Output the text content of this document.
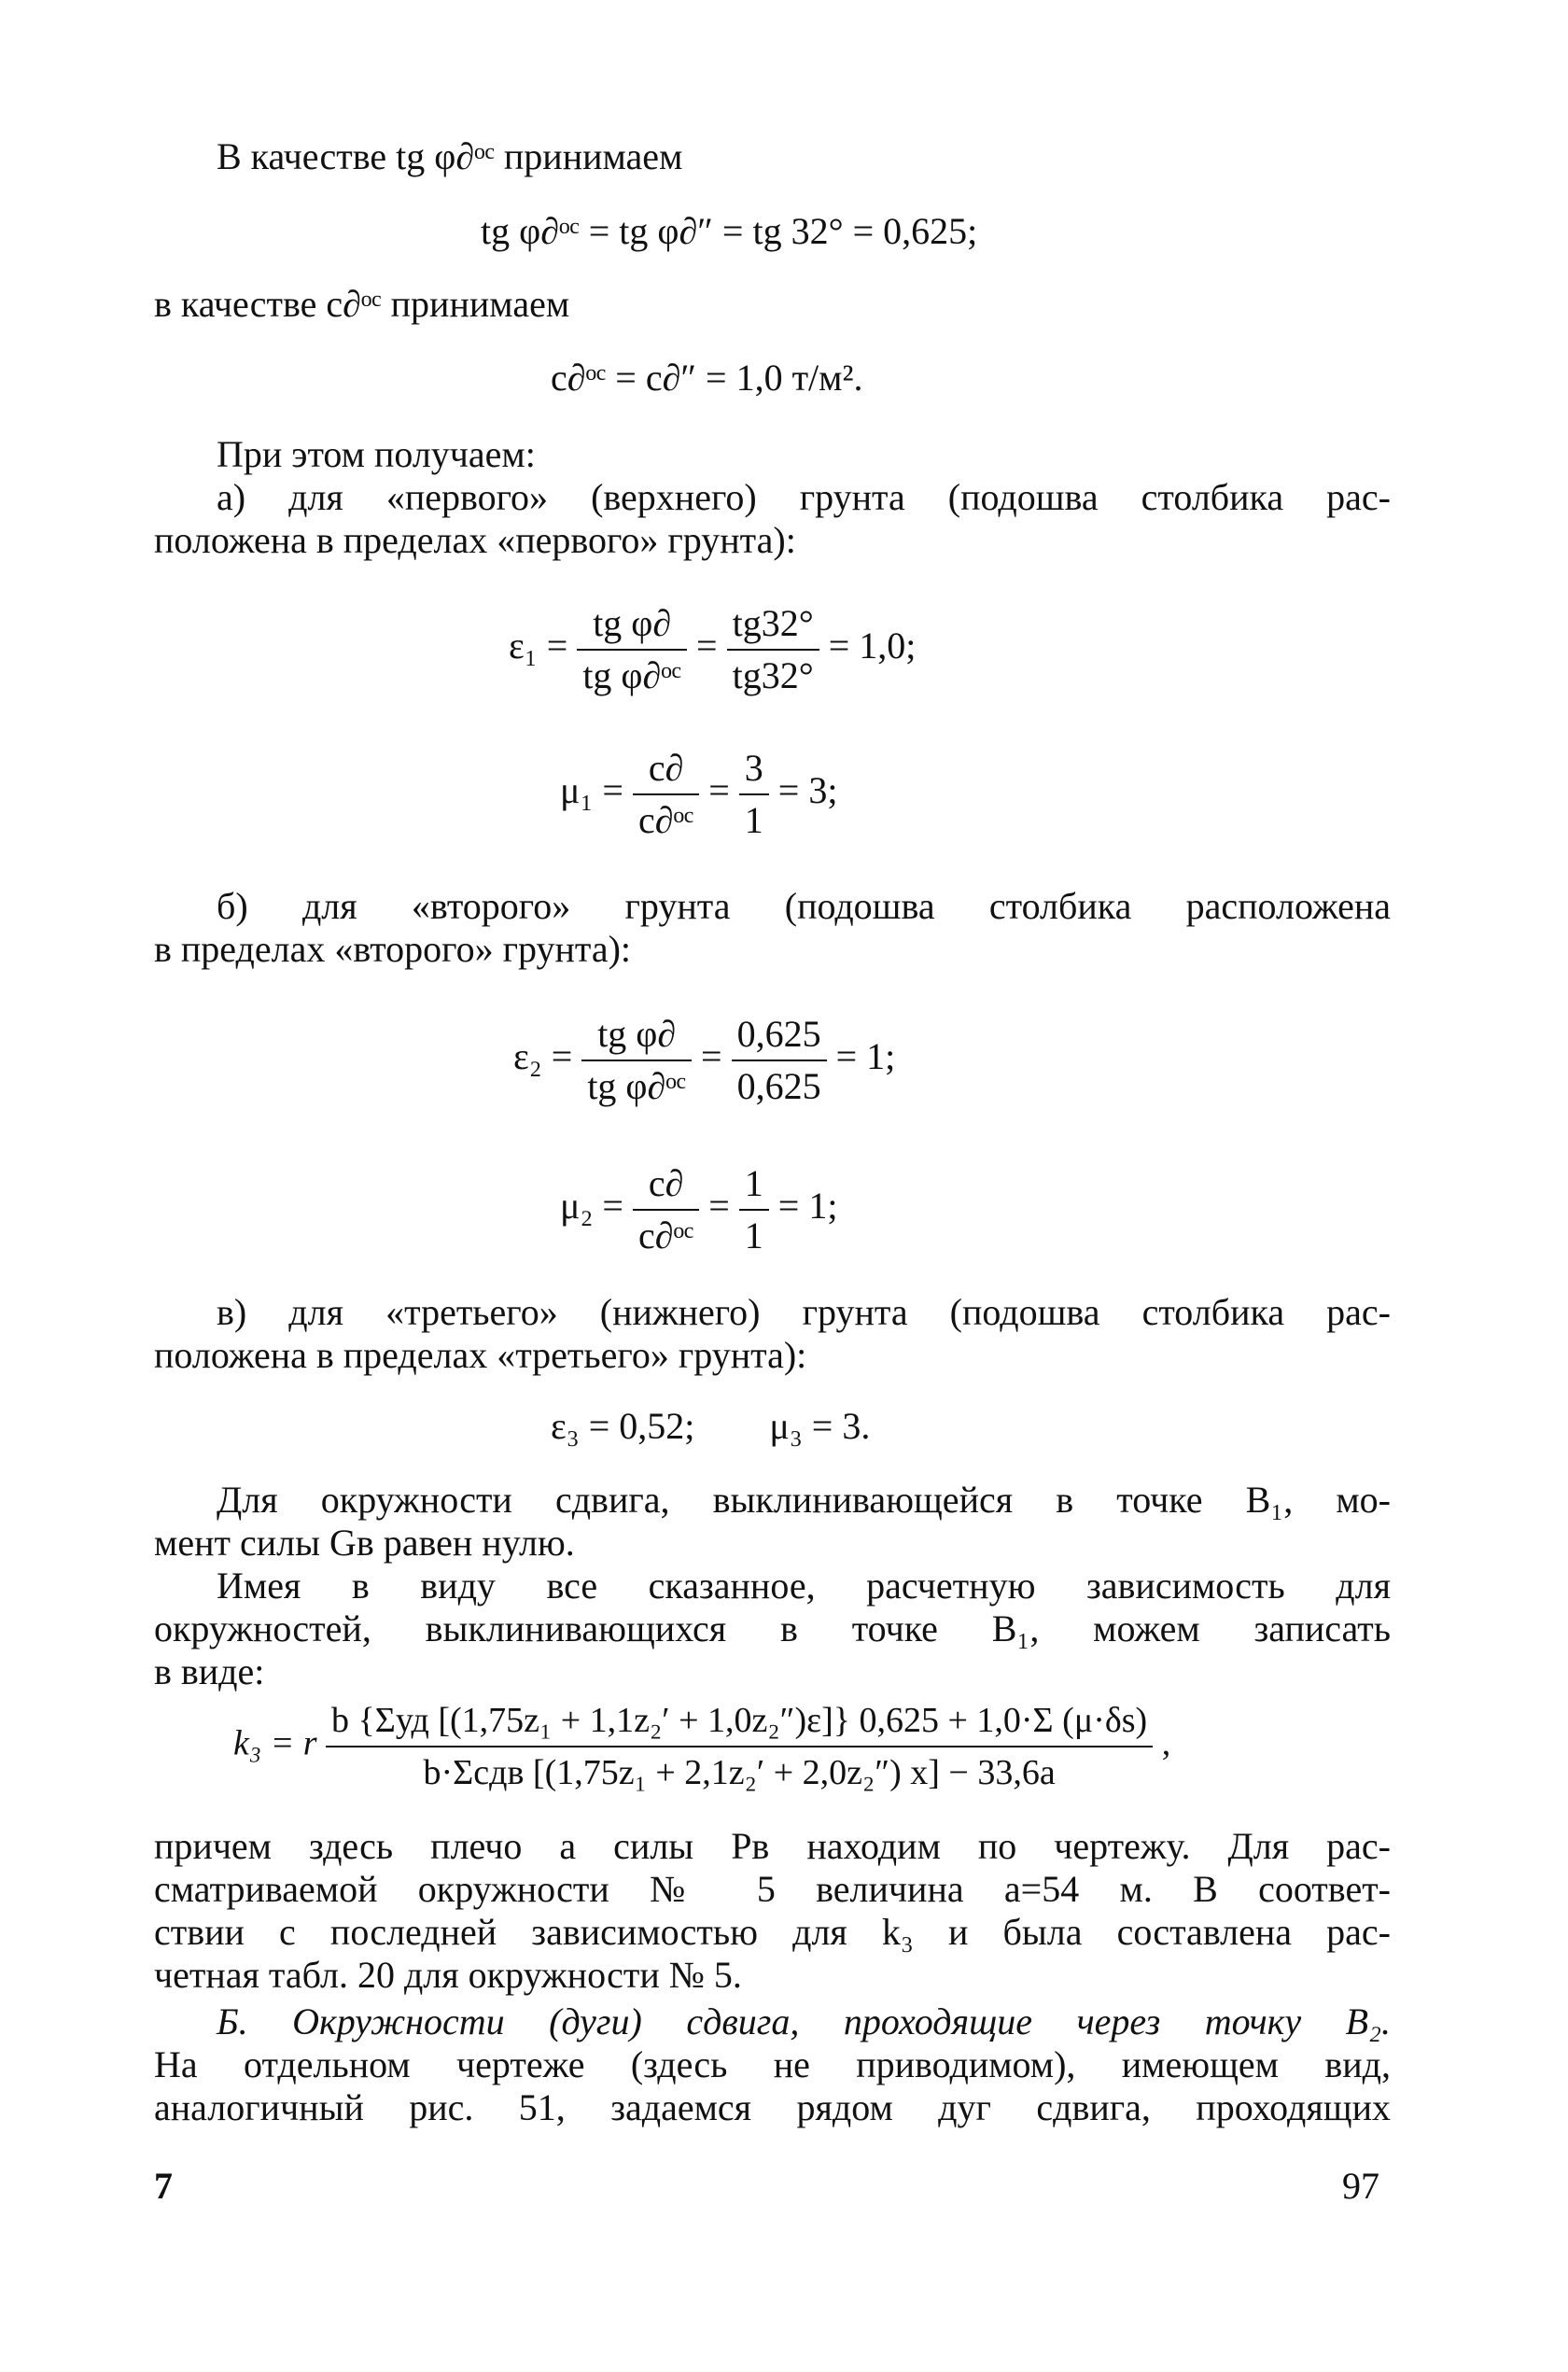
В качестве tg φ∂ᵒᶜ принимаем
tg φ∂ᵒᶜ = tg φ∂″ = tg 32° = 0,625;
в качестве c∂ᵒᶜ принимаем
c∂ᵒᶜ = c∂″ = 1,0 т/м².
При этом получаем:
а) для «первого» (верхнего) грунта (подошва столбика рас-
положена в пределах «первого» грунта):
$\varepsilon_1 = \frac{\text{tg φ∂}}{\text{tg φ∂ᵒᶜ}} = \frac{tg32^\circ}{tg32^\circ} = 1,0$;
$\mu_1 = \frac{c\partial}{\text{c∂ᵒᶜ}} = \frac{3}{1} = 3$;
б) для «второго» грунта (подошва столбика расположена
в пределах «второго» грунта):
$\varepsilon_2 = \frac{\text{tg φ∂}}{\text{tg φ∂ᵒᶜ}} = \frac{0,625}{0,625} = 1$;
$\mu_2 = \frac{c\partial}{\text{c∂ᵒᶜ}} = \frac{1}{1} = 1$;
в) для «третьего» (нижнего) грунта (подошва столбика рас-
положена в пределах «третьего» грунта):
ε₃ = 0,52;        μ₃ = 3.
Для окружности сдвига, выклинивающейся в точке B₁, мо-
мент силы Gв равен нулю.
Имея в виду все сказанное, расчетную зависимость для
окружностей, выклинивающихся в точке B₁, можем записать
в виде:
k₃ = r $\frac{\text{b \{Σуд [(1,75z₁ + 1,1z₂′ + 1,0z₂″)ε]\} 0,625 + 1,0·Σ (μ·δs)}}{\text{b·Σсдв [(1,75z₁ + 2,1z₂′ + 2,0z₂″) x] − 33,6a}}$ ,
причем здесь плечо a силы Pв находим по чертежу. Для рас-
сматриваемой окружности № 5 величина a=54 м. В соответ-
ствии с последней зависимостью для k₃ и была составлена рас-
четная табл. 20 для окружности № 5.
Б. Окружности (дуги) сдвига, проходящие через точку B₂.
На отдельном чертеже (здесь не приводимом), имеющем вид,
аналогичный рис. 51, задаемся рядом дуг сдвига, проходящих
7	97
